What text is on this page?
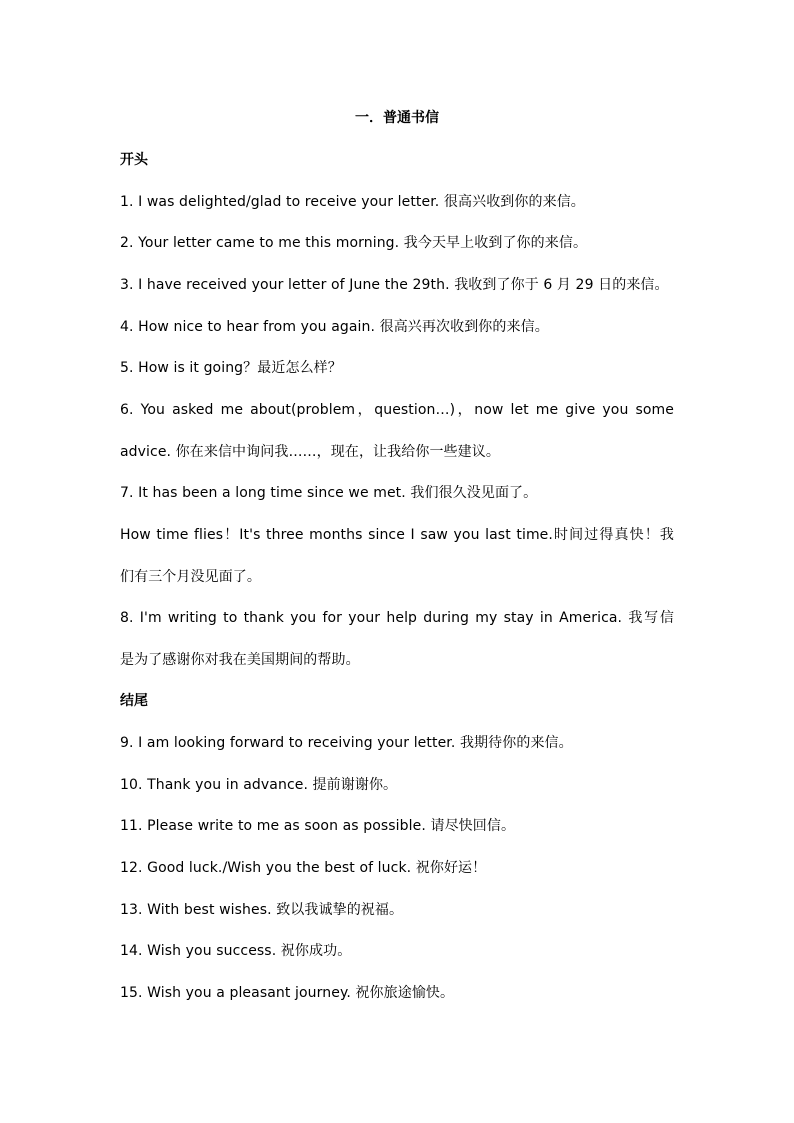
一．普通书信
开头
1. I was delighted/glad to receive your letter. 很高兴收到你的来信。
2. Your letter came to me this morning. 我今天早上收到了你的来信。
3. I have received your letter of June the 29th. 我收到了你于 6 月 29 日的来信。
4. How nice to hear from you again. 很高兴再次收到你的来信。
5. How is it going？最近怎么样？
6. You asked me about(problem，question…)，now let me give you some
advice. 你在来信中询问我……，现在，让我给你一些建议。
7. It has been a long time since we met. 我们很久没见面了。
How time flies！It's three months since I saw you last time.时间过得真快！我
们有三个月没见面了。
8. I'm writing to thank you for your help during my stay in America. 我写信
是为了感谢你对我在美国期间的帮助。
结尾
9. I am looking forward to receiving your letter. 我期待你的来信。
10. Thank you in advance. 提前谢谢你。
11. Please write to me as soon as possible. 请尽快回信。
12. Good luck./Wish you the best of luck. 祝你好运！
13. With best wishes. 致以我诚挚的祝福。
14. Wish you success. 祝你成功。
15. Wish you a pleasant journey. 祝你旅途愉快。
